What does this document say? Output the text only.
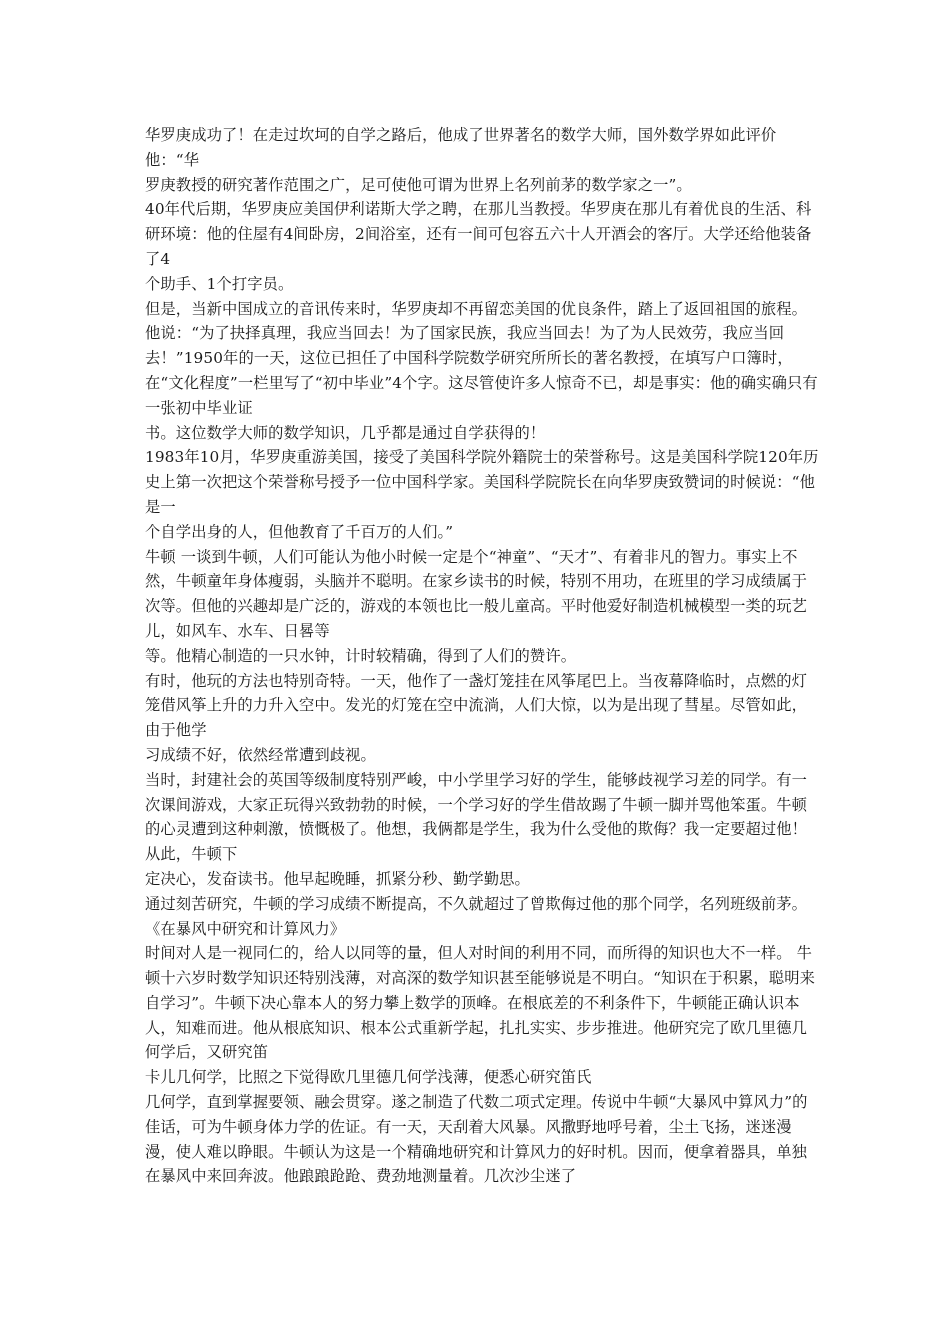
华罗庚成功了！在走过坎坷的自学之路后，他成了世界著名的数学大师，国外数学界如此评价他：“华

罗庚教授的研究著作范围之广，足可使他可谓为世界上名列前茅的数学家之一”。

40年代后期，华罗庚应美国伊利诺斯大学之聘，在那儿当教授。华罗庚在那儿有着优良的生活、科研环境：他的住屋有4间卧房，2间浴室，还有一间可包容五六十人开酒会的客厅。大学还给他装备了4

个助手、1个打字员。

但是，当新中国成立的音讯传来时，华罗庚却不再留恋美国的优良条件，踏上了返回祖国的旅程。他说：“为了抉择真理，我应当回去！为了国家民族，我应当回去！为了为人民效劳，我应当回去！”1950年的一天，这位已担任了中国科学院数学研究所所长的著名教授，在填写户口簿时，在“文化程度”一栏里写了“初中毕业”4个字。这尽管使许多人惊奇不已，却是事实：他的确实确只有一张初中毕业证

书。这位数学大师的数学知识，几乎都是通过自学获得的！

1983年10月，华罗庚重游美国，接受了美国科学院外籍院士的荣誉称号。这是美国科学院120年历史上第一次把这个荣誉称号授予一位中国科学家。美国科学院院长在向华罗庚致赞词的时候说：“他是一

个自学出身的人，但他教育了千百万的人们。”

牛顿 一谈到牛顿，人们可能认为他小时候一定是个“神童”、“天才”、有着非凡的智力。事实上不然，牛顿童年身体瘦弱，头脑并不聪明。在家乡读书的时候，特别不用功，在班里的学习成绩属于次等。但他的兴趣却是广泛的，游戏的本领也比一般儿童高。平时他爱好制造机械模型一类的玩艺儿，如风车、水车、日晷等

等。他精心制造的一只水钟，计时较精确，得到了人们的赞许。

有时，他玩的方法也特别奇特。一天，他作了一盏灯笼挂在风筝尾巴上。当夜幕降临时，点燃的灯笼借风筝上升的力升入空中。发光的灯笼在空中流淌，人们大惊，以为是出现了彗星。尽管如此，由于他学

习成绩不好，依然经常遭到歧视。

当时，封建社会的英国等级制度特别严峻，中小学里学习好的学生，能够歧视学习差的同学。有一次课间游戏，大家正玩得兴致勃勃的时候，一个学习好的学生借故踢了牛顿一脚并骂他笨蛋。牛顿的心灵遭到这种刺激，愤慨极了。他想，我俩都是学生，我为什么受他的欺侮？我一定要超过他！从此，牛顿下

定决心，发奋读书。他早起晚睡，抓紧分秒、勤学勤思。

通过刻苦研究，牛顿的学习成绩不断提高，不久就超过了曾欺侮过他的那个同学，名列班级前茅。

《在暴风中研究和计算风力》

时间对人是一视同仁的，给人以同等的量，但人对时间的利用不同，而所得的知识也大不一样。 牛顿十六岁时数学知识还特别浅薄，对高深的数学知识甚至能够说是不明白。“知识在于积累，聪明来自学习”。牛顿下决心靠本人的努力攀上数学的顶峰。在根底差的不利条件下，牛顿能正确认识本人，知难而进。他从根底知识、根本公式重新学起，扎扎实实、步步推进。他研究完了欧几里德几何学后，又研究笛

卡儿几何学，比照之下觉得欧几里德几何学浅薄，便悉心研究笛氏

几何学，直到掌握要领、融会贯穿。遂之制造了代数二项式定理。传说中牛顿“大暴风中算风力”的佳话，可为牛顿身体力学的佐证。有一天，天刮着大风暴。风撒野地呼号着，尘土飞扬，迷迷漫漫，使人难以睁眼。牛顿认为这是一个精确地研究和计算风力的好时机。因而，便拿着器具，单独在暴风中来回奔波。他踉踉跄跄、费劲地测量着。几次沙尘迷了
